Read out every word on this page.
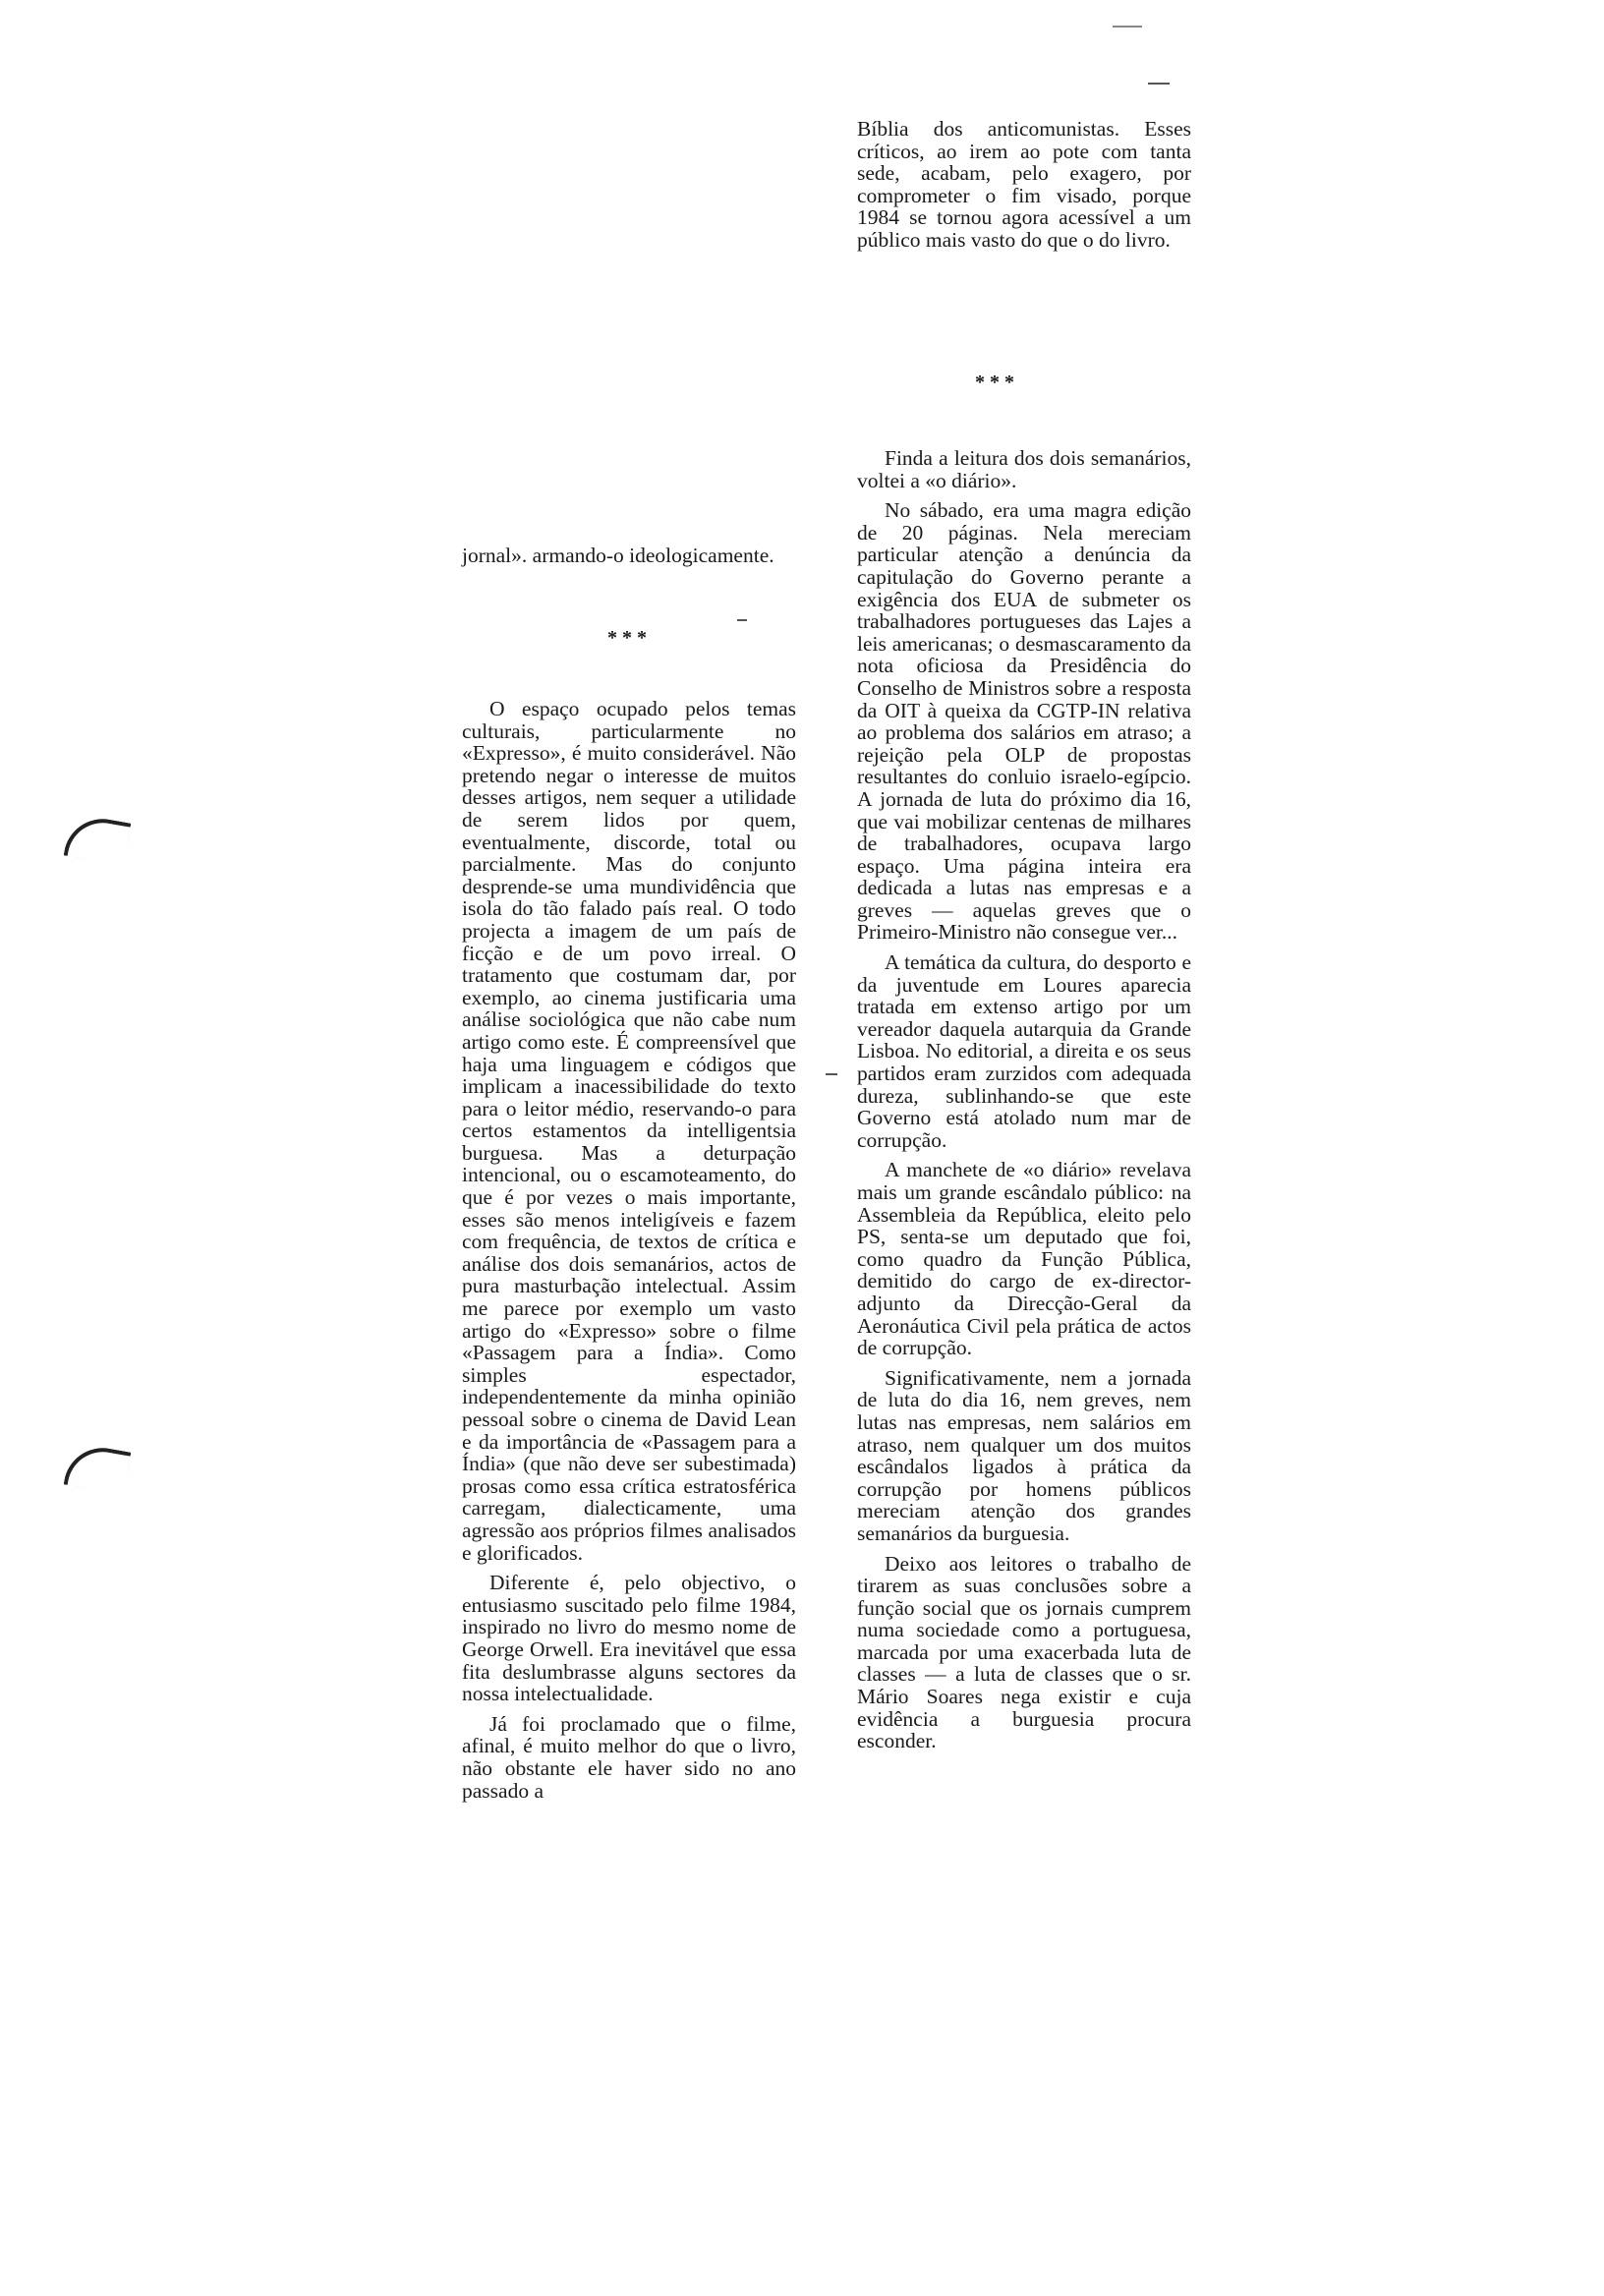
jornal». armando-o ideologicamente.

* * *

O espaço ocupado pelos temas culturais, particularmente no «Expresso», é muito considerável. Não pretendo negar o interesse de muitos desses artigos, nem sequer a utilidade de serem lidos por quem, eventualmente, discorde, total ou parcialmente. Mas do conjunto desprende-se uma mundividência que isola do tão falado país real. O todo projecta a imagem de um país de ficção e de um povo irreal. O tratamento que costumam dar, por exemplo, ao cinema justificaria uma análise sociológica que não cabe num artigo como este. É compreensível que haja uma linguagem e códigos que implicam a inacessibilidade do texto para o leitor médio, reservando-o para certos estamentos da intelligentsia burguesa. Mas a deturpação intencional, ou o escamoteamento, do que é por vezes o mais importante, esses são menos inteligíveis e fazem com frequência, de textos de crítica e análise dos dois semanários, actos de pura masturbação intelectual. Assim me parece por exemplo um vasto artigo do «Expresso» sobre o filme «Passagem para a Índia». Como simples espectador, independentemente da minha opinião pessoal sobre o cinema de David Lean e da importância de «Passagem para a Índia» (que não deve ser subestimada) prosas como essa crítica estratosférica carregam, dialecticamente, uma agressão aos próprios filmes analisados e glorificados.

Diferente é, pelo objectivo, o entusiasmo suscitado pelo filme 1984, inspirado no livro do mesmo nome de George Orwell. Era inevitável que essa fita deslumbrasse alguns sectores da nossa intelectualidade.

Já foi proclamado que o filme, afinal, é muito melhor do que o livro, não obstante ele haver sido no ano passado a

Bíblia dos anticomunistas. Esses críticos, ao irem ao pote com tanta sede, acabam, pelo exagero, por comprometer o fim visado, porque 1984 se tornou agora acessível a um público mais vasto do que o do livro.

* * *

Finda a leitura dos dois semanários, voltei a «o diário».

No sábado, era uma magra edição de 20 páginas. Nela mereciam particular atenção a denúncia da capitulação do Governo perante a exigência dos EUA de submeter os trabalhadores portugueses das Lajes a leis americanas; o desmascaramento da nota oficiosa da Presidência do Conselho de Ministros sobre a resposta da OIT à queixa da CGTP-IN relativa ao problema dos salários em atraso; a rejeição pela OLP de propostas resultantes do conluio israelo-egípcio. A jornada de luta do próximo dia 16, que vai mobilizar centenas de milhares de trabalhadores, ocupava largo espaço. Uma página inteira era dedicada a lutas nas empresas e a greves — aquelas greves que o Primeiro-Ministro não consegue ver...

A temática da cultura, do desporto e da juventude em Loures aparecia tratada em extenso artigo por um vereador daquela autarquia da Grande Lisboa. No editorial, a direita e os seus partidos eram zurzidos com adequada dureza, sublinhando-se que este Governo está atolado num mar de corrupção.

A manchete de «o diário» revelava mais um grande escândalo público: na Assembleia da República, eleito pelo PS, senta-se um deputado que foi, como quadro da Função Pública, demitido do cargo de ex-director-adjunto da Direcção-Geral da Aeronáutica Civil pela prática de actos de corrupção.

Significativamente, nem a jornada de luta do dia 16, nem greves, nem lutas nas empresas, nem salários em atraso, nem qualquer um dos muitos escândalos ligados à prática da corrupção por homens públicos mereciam atenção dos grandes semanários da burguesia.

Deixo aos leitores o trabalho de tirarem as suas conclusões sobre a função social que os jornais cumprem numa sociedade como a portuguesa, marcada por uma exacerbada luta de classes — a luta de classes que o sr. Mário Soares nega existir e cuja evidência a burguesia procura esconder.
